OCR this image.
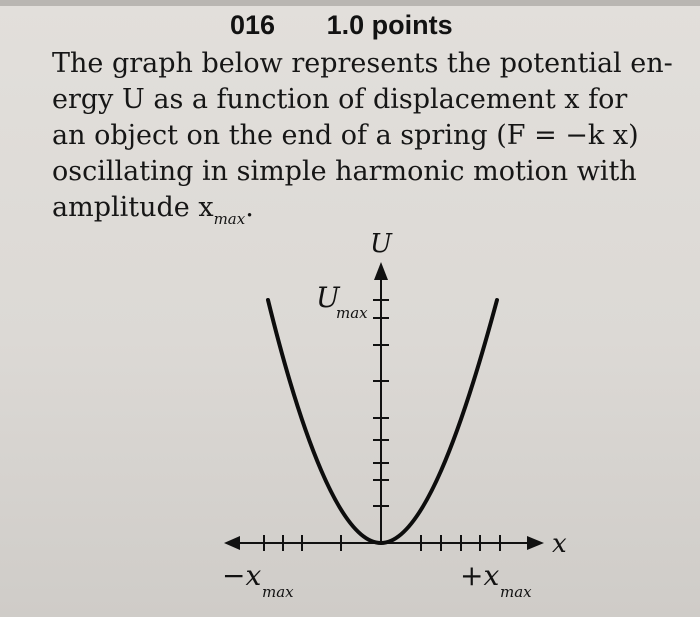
016 1.0 points
The graph below represents the potential en-
ergy U as a function of displacement x for
an object on the end of a spring (F = −k x)
oscillating in simple harmonic motion with
amplitude $x_{max}$.
U
U
max
x
−x max	+x max
